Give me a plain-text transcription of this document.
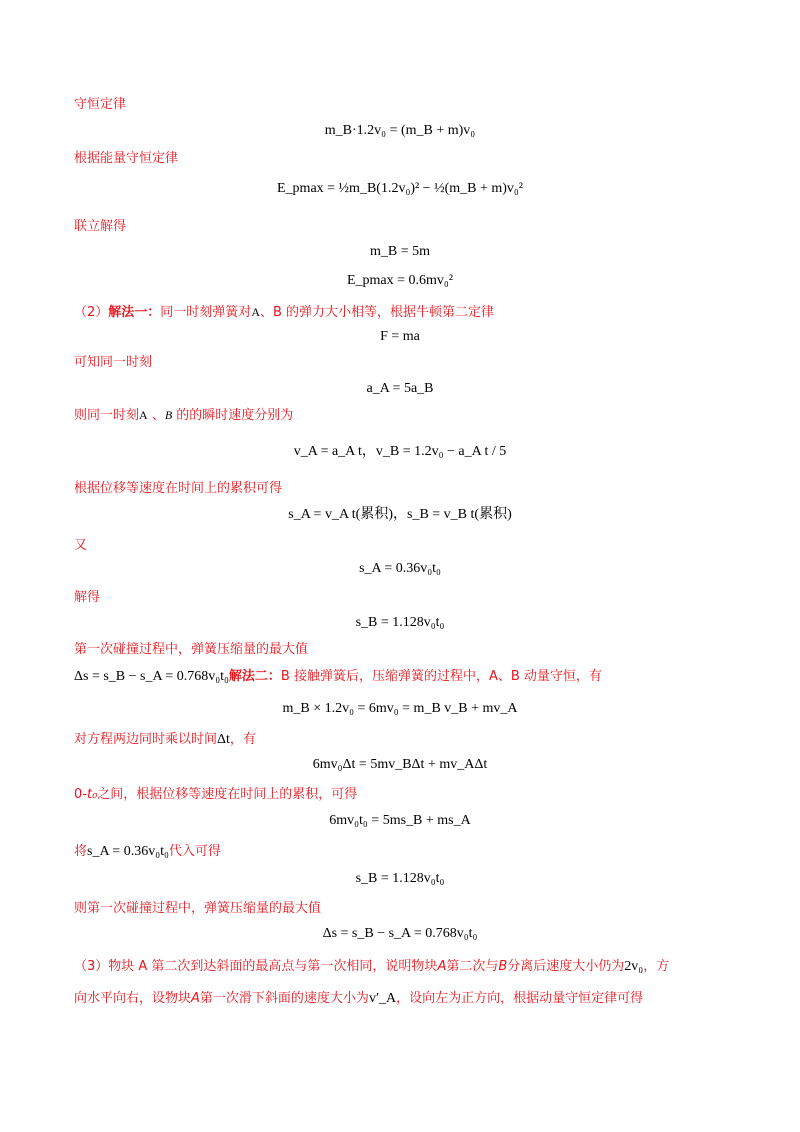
守恒定律
m_B·1.2v₀ = (m_B + m)v₀
根据能量守恒定律
E_pmax = ½m_B(1.2v₀)² − ½(m_B + m)v₀²
联立解得
m_B = 5m
E_pmax = 0.6mv₀²
（2）解法一：同一时刻弹簧对A、B 的弹力大小相等，根据牛顿第二定律
F = ma
可知同一时刻
a_A = 5a_B
则同一时刻A 、B 的的瞬时速度分别为
v_A = a_A t，v_B = 1.2v₀ − a_A t / 5
根据位移等速度在时间上的累积可得
s_A = v_A t(累积)，s_B = v_B t(累积)
又
s_A = 0.36v₀t₀
解得
s_B = 1.128v₀t₀
第一次碰撞过程中，弹簧压缩量的最大值
Δs = s_B − s_A = 0.768v₀t₀解法二：B 接触弹簧后，压缩弹簧的过程中，A、B 动量守恒，有
m_B × 1.2v₀ = 6mv₀ = m_B v_B + mv_A
对方程两边同时乘以时间Δt，有
6mv₀Δt = 5mv_BΔt + mv_AΔt
0-t₀之间，根据位移等速度在时间上的累积，可得
6mv₀t₀ = 5ms_B + ms_A
将s_A = 0.36v₀t₀代入可得
s_B = 1.128v₀t₀
则第一次碰撞过程中，弹簧压缩量的最大值
Δs = s_B − s_A = 0.768v₀t₀
（3）物块 A 第二次到达斜面的最高点与第一次相同，说明物块A第二次与B分离后速度大小仍为2v₀，方
向水平向右，设物块A第一次滑下斜面的速度大小为v′_A，设向左为正方向，根据动量守恒定律可得
